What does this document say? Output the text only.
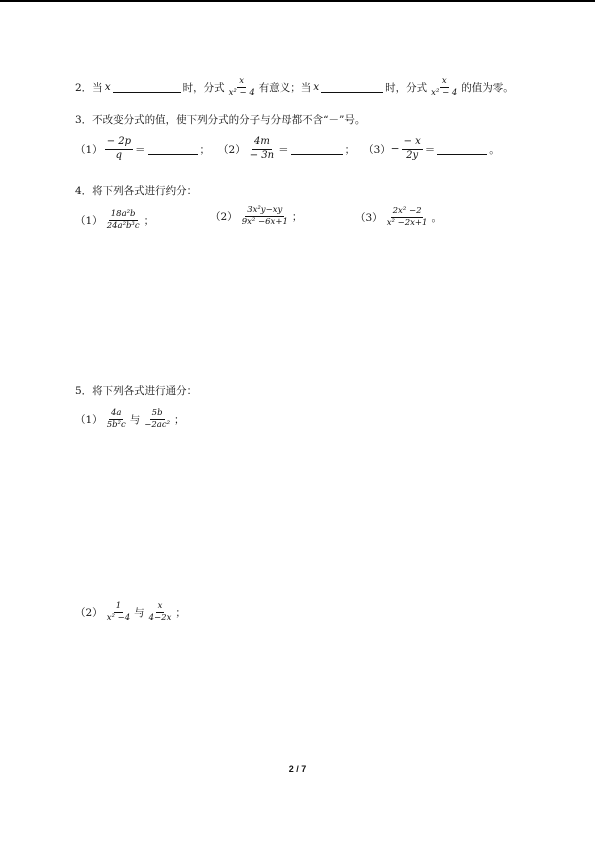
2．当 x	时，分式 $\frac{x}{\text{x² − 4}}$ 有意义；当 x	时，分式 $\frac{x}{\text{x² − 4}}$ 的值为零。
3．不改变分式的值，使下列分式的分子与分母都不含“－”号。
$(1) \frac{- 2p}{q}$ ＝	； $(2) \frac{4m}{- 3n}$ ＝	； $(3) - \frac{- x}{2y}$ ＝	。
4．将下列各式进行约分：
$(1) \frac{\text{18a²b}}{\text{24a²b³c}}$ ；	$(2) \frac{\text{3x²y−xy}}{\text{9x² −6x+1}}$ ；	$(3) \frac{\text{2x² −2}}{\text{x² −2x+1}}$ 。
5．将下列各式进行通分：
$(1) \frac{4a}{\text{5b²c}}$ 与 $\frac{5b}{\text{−2ac²}}$ ；
$(2) \frac{1}{\text{x² −4}}$ 与 $\frac{x}{4-2x}$ ；
2 / 7
